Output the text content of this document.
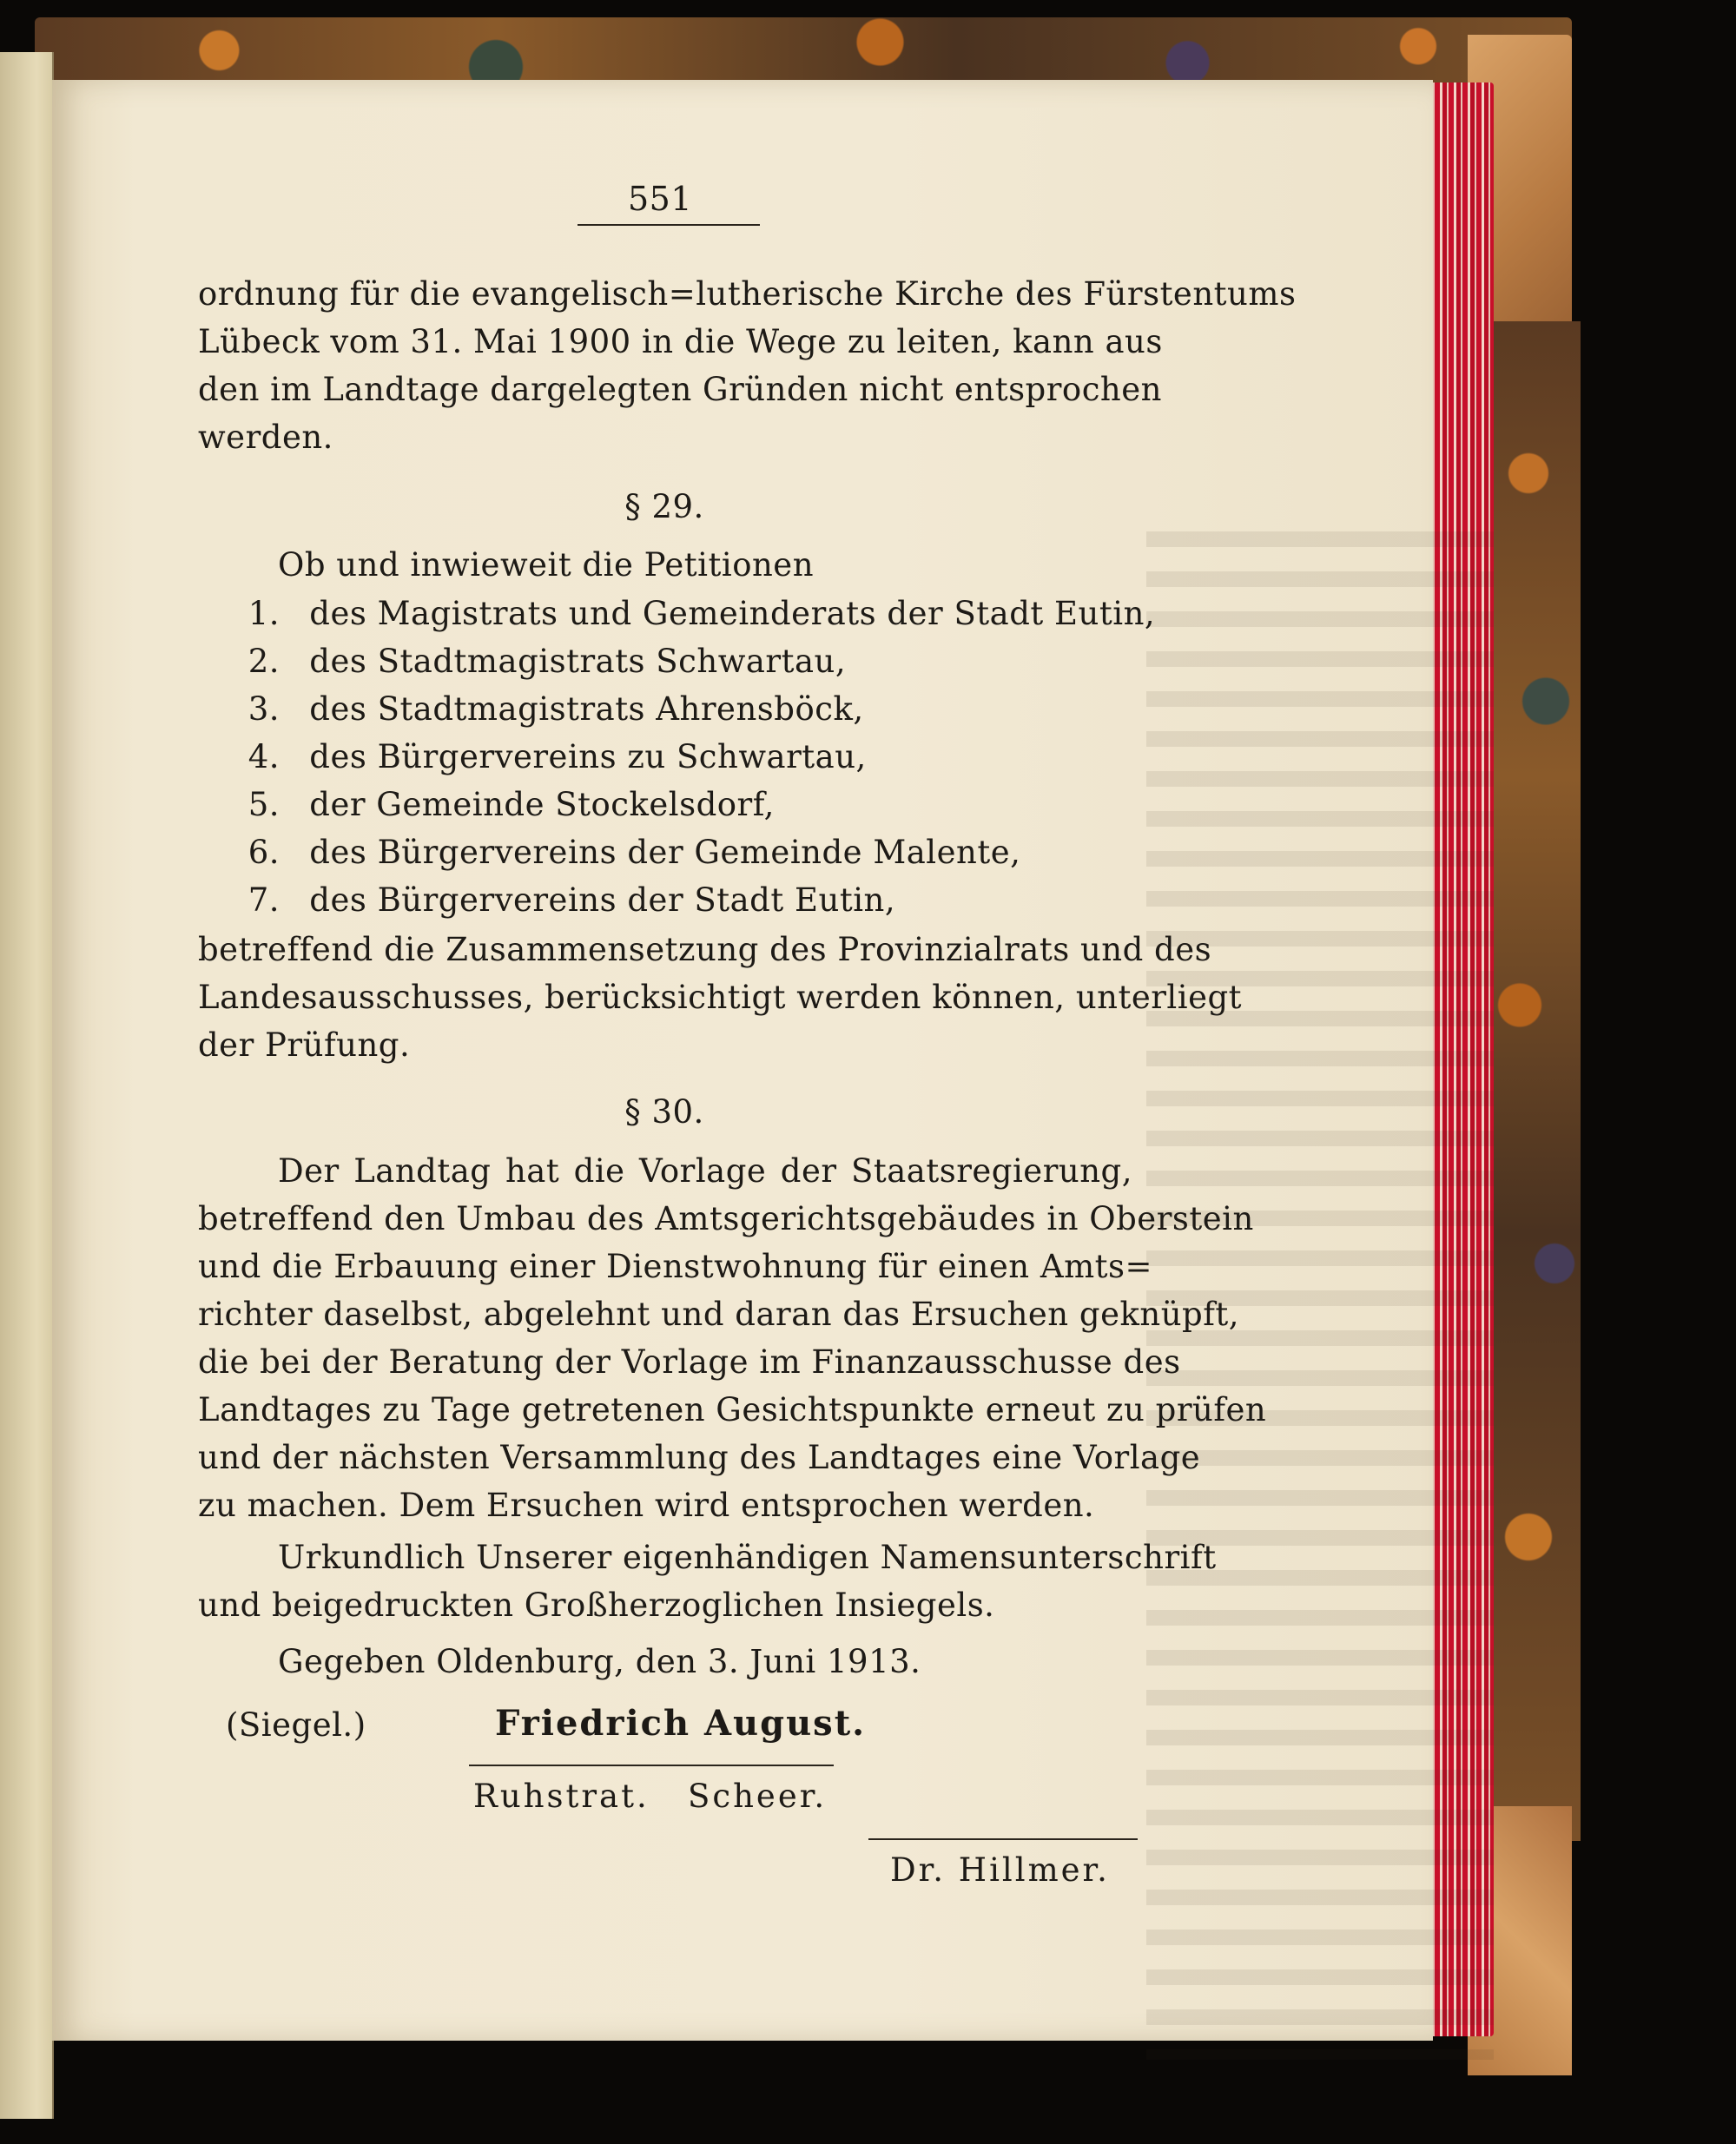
551
ordnung für die evangelisch=lutherische Kirche des Fürstentums
Lübeck vom 31. Mai 1900 in die Wege zu leiten, kann aus
den im Landtage dargelegten Gründen nicht entsprochen
werden.
§ 29.
Ob und inwieweit die Petitionen
1. des Magistrats und Gemeinderats der Stadt Eutin,
2. des Stadtmagistrats Schwartau,
3. des Stadtmagistrats Ahrensböck,
4. des Bürgervereins zu Schwartau,
5. der Gemeinde Stockelsdorf,
6. des Bürgervereins der Gemeinde Malente,
7. des Bürgervereins der Stadt Eutin,
betreffend die Zusammensetzung des Provinzialrats und des
Landesausschusses, berücksichtigt werden können, unterliegt
der Prüfung.
§ 30.
Der Landtag hat die Vorlage der Staatsregierung,
betreffend den Umbau des Amtsgerichtsgebäudes in Oberstein
und die Erbauung einer Dienstwohnung für einen Amts=
richter daselbst, abgelehnt und daran das Ersuchen geknüpft,
die bei der Beratung der Vorlage im Finanzausschusse des
Landtages zu Tage getretenen Gesichtspunkte erneut zu prüfen
und der nächsten Versammlung des Landtages eine Vorlage
zu machen. Dem Ersuchen wird entsprochen werden.
Urkundlich Unserer eigenhändigen Namensunterschrift
und beigedruckten Großherzoglichen Insiegels.
Gegeben Oldenburg, den 3. Juni 1913.
(Siegel.)	Friedrich August.
Ruhstrat.   Scheer.
Dr. Hillmer.
